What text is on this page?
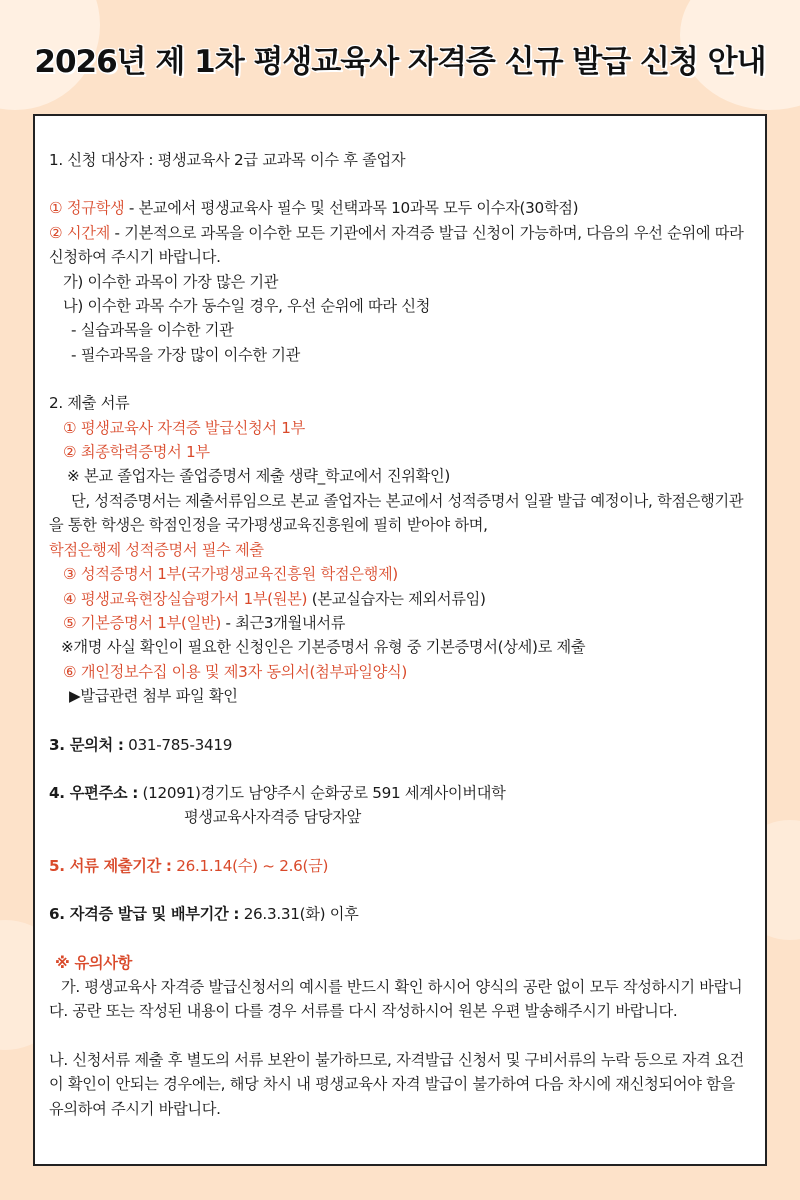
2026년 제 1차 평생교육사 자격증 신규 발급 신청 안내

1. 신청 대상자 : 평생교육사 2급 교과목 이수 후 졸업자

① 정규학생 - 본교에서 평생교육사 필수 및 선택과목 10과목 모두 이수자(30학점)

② 시간제 - 기본적으로 과목을 이수한 모든 기관에서 자격증 발급 신청이 가능하며, 다음의 우선 순위에 따라 신청하여 주시기 바랍니다.

가) 이수한 과목이 가장 많은 기관

나) 이수한 과목 수가 동수일 경우, 우선 순위에 따라 신청

- 실습과목을 이수한 기관

- 필수과목을 가장 많이 이수한 기관

2. 제출 서류

① 평생교육사 자격증 발급신청서 1부

② 최종학력증명서 1부

※ 본교 졸업자는 졸업증명서 제출 생략_학교에서 진위확인)

단, 성적증명서는 제출서류임으로 본교 졸업자는 본교에서 성적증명서 일괄 발급 예정이나, 학점은행기관을 통한 학생은 학점인정을 국가평생교육진흥원에 필히 받아야 하며,

학점은행제 성적증명서 필수 제출

③ 성적증명서 1부(국가평생교육진흥원 학점은행제)

④ 평생교육현장실습평가서 1부(원본) (본교실습자는 제외서류임)

⑤ 기본증명서 1부(일반) - 최근3개월내서류

※개명 사실 확인이 필요한 신청인은 기본증명서 유형 중 기본증명서(상세)로 제출

⑥ 개인정보수집 이용 및 제3자 동의서(첨부파일양식)

▶발급관련 첨부 파일 확인

3. 문의처 : 031-785-3419

4. 우편주소 : (12091)경기도 남양주시 순화궁로 591 세계사이버대학

평생교육사자격증 담당자앞

5. 서류 제출기간 : 26.1.14(수) ~ 2.6(금)

6. 자격증 발급 및 배부기간 : 26.3.31(화) 이후

※ 유의사항

가. 평생교육사 자격증 발급신청서의 예시를 반드시 확인 하시어 양식의 공란 없이 모두 작성하시기 바랍니다. 공란 또는 작성된 내용이 다를 경우 서류를 다시 작성하시어 원본 우편 발송해주시기 바랍니다.

나. 신청서류 제출 후 별도의 서류 보완이 불가하므로, 자격발급 신청서 및 구비서류의 누락 등으로 자격 요건이 확인이 안되는 경우에는, 해당 차시 내 평생교육사 자격 발급이 불가하여 다음 차시에 재신청되어야 함을 유의하여 주시기 바랍니다.
